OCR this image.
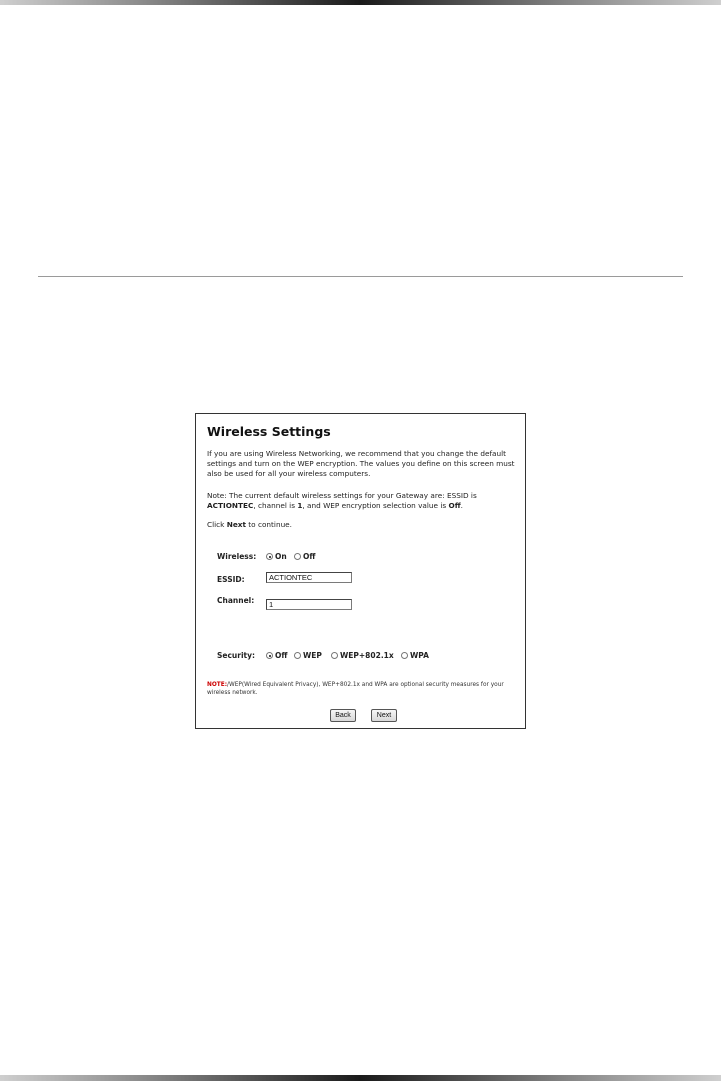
Wireless Settings
If you are using Wireless Networking, we recommend that you change the default settings and turn on the WEP encryption. The values you define on this screen must also be used for all your wireless computers.
Note: The current default wireless settings for your Gateway are: ESSID is ACTIONTEC, channel is 1, and WEP encryption selection value is Off.
Click Next to continue.
Wireless:	On Off
ESSID:	ACTIONTEC
Channel:	1
Security:	Off WEP WEP+802.1x WPA
NOTE:/WEP(Wired Equivalent Privacy), WEP+802.1x and WPA are optional security measures for your wireless network.
Back	Next
